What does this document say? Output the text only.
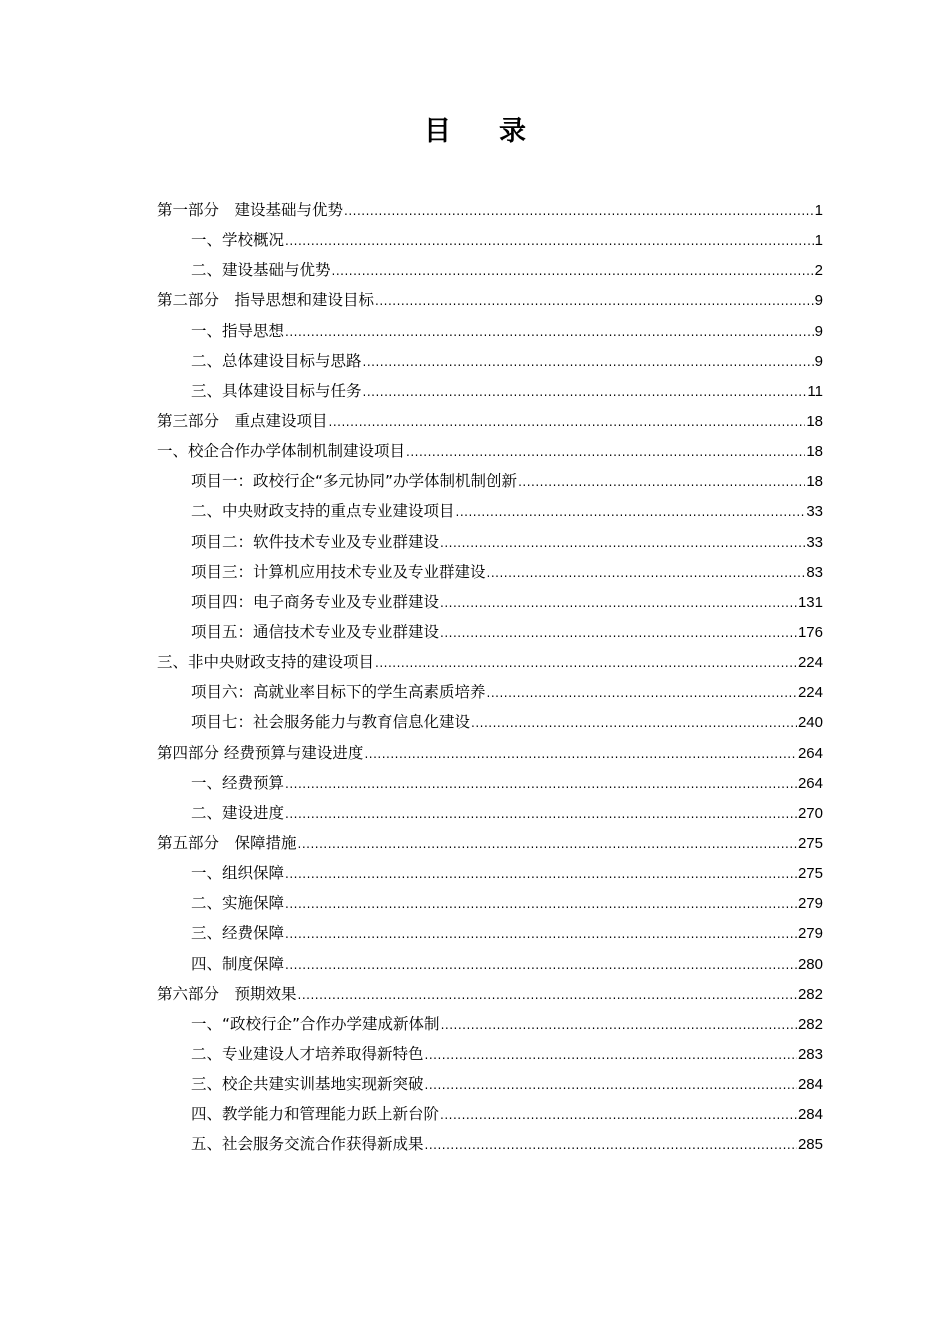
目录
第一部分　建设基础与优势 .....	1
一、学校概况 .....	1
二、建设基础与优势 .....	2
第二部分　指导思想和建设目标 .....	9
一、指导思想 .....	9
二、总体建设目标与思路 .....	9
三、具体建设目标与任务 .....	11
第三部分　重点建设项目 .....	18
一、校企合作办学体制机制建设项目 .....	18
项目一：政校行企“多元协同”办学体制机制创新 .....	18
二、中央财政支持的重点专业建设项目 .....	33
项目二：软件技术专业及专业群建设 .....	33
项目三：计算机应用技术专业及专业群建设 .....	83
项目四：电子商务专业及专业群建设 .....	131
项目五：通信技术专业及专业群建设 .....	176
三、非中央财政支持的建设项目 .....	224
项目六：高就业率目标下的学生高素质培养 .....	224
项目七：社会服务能力与教育信息化建设 .....	240
第四部分 经费预算与建设进度 .....	264
一、经费预算 .....	264
二、建设进度 .....	270
第五部分　保障措施 .....	275
一、组织保障 .....	275
二、实施保障 .....	279
三、经费保障 .....	279
四、制度保障 .....	280
第六部分　预期效果 .....	282
一、“政校行企”合作办学建成新体制 .....	282
二、专业建设人才培养取得新特色 .....	283
三、校企共建实训基地实现新突破 .....	284
四、教学能力和管理能力跃上新台阶 .....	284
五、社会服务交流合作获得新成果 .....	285
